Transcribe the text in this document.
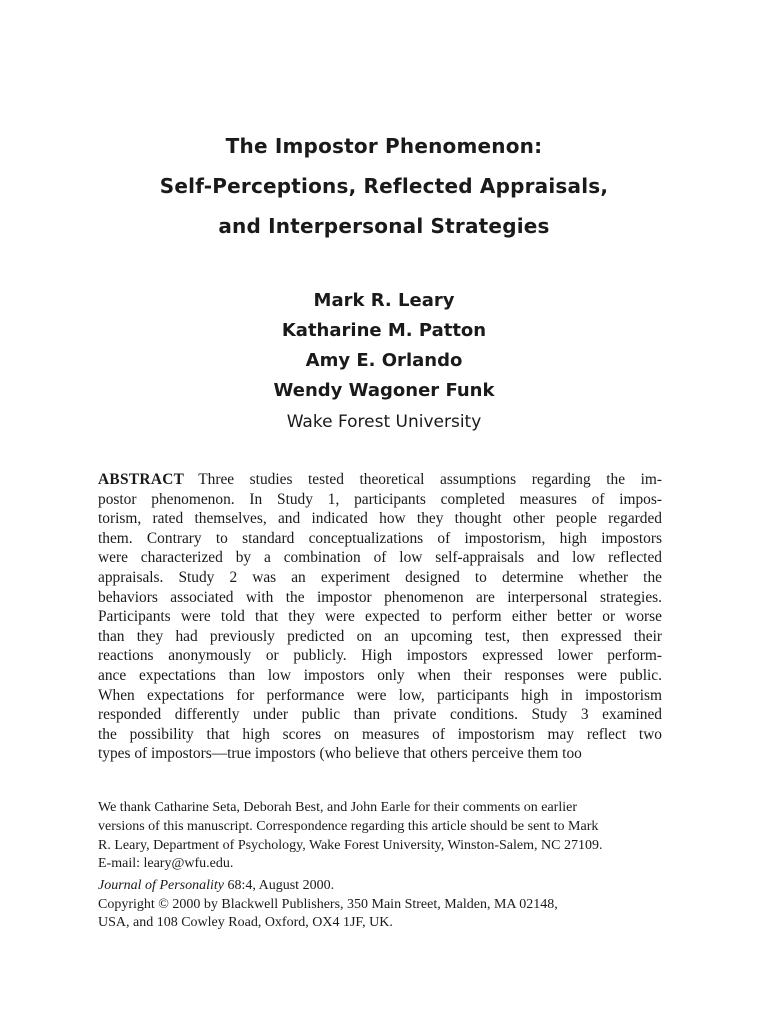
The Impostor Phenomenon:
Self-Perceptions, Reflected Appraisals,
and Interpersonal Strategies
Mark R. Leary
Katharine M. Patton
Amy E. Orlando
Wendy Wagoner Funk
Wake Forest University
ABSTRACT Three studies tested theoretical assumptions regarding the im-
postor phenomenon. In Study 1, participants completed measures of impos-
torism, rated themselves, and indicated how they thought other people regarded
them. Contrary to standard conceptualizations of impostorism, high impostors
were characterized by a combination of low self-appraisals and low reflected
appraisals. Study 2 was an experiment designed to determine whether the
behaviors associated with the impostor phenomenon are interpersonal strategies.
Participants were told that they were expected to perform either better or worse
than they had previously predicted on an upcoming test, then expressed their
reactions anonymously or publicly. High impostors expressed lower perform-
ance expectations than low impostors only when their responses were public.
When expectations for performance were low, participants high in impostorism
responded differently under public than private conditions. Study 3 examined
the possibility that high scores on measures of impostorism may reflect two
types of impostors—true impostors (who believe that others perceive them too
We thank Catharine Seta, Deborah Best, and John Earle for their comments on earlier
versions of this manuscript. Correspondence regarding this article should be sent to Mark
R. Leary, Department of Psychology, Wake Forest University, Winston-Salem, NC 27109.
E-mail: leary@wfu.edu.
Journal of Personality 68:4, August 2000.
Copyright © 2000 by Blackwell Publishers, 350 Main Street, Malden, MA 02148,
USA, and 108 Cowley Road, Oxford, OX4 1JF, UK.
